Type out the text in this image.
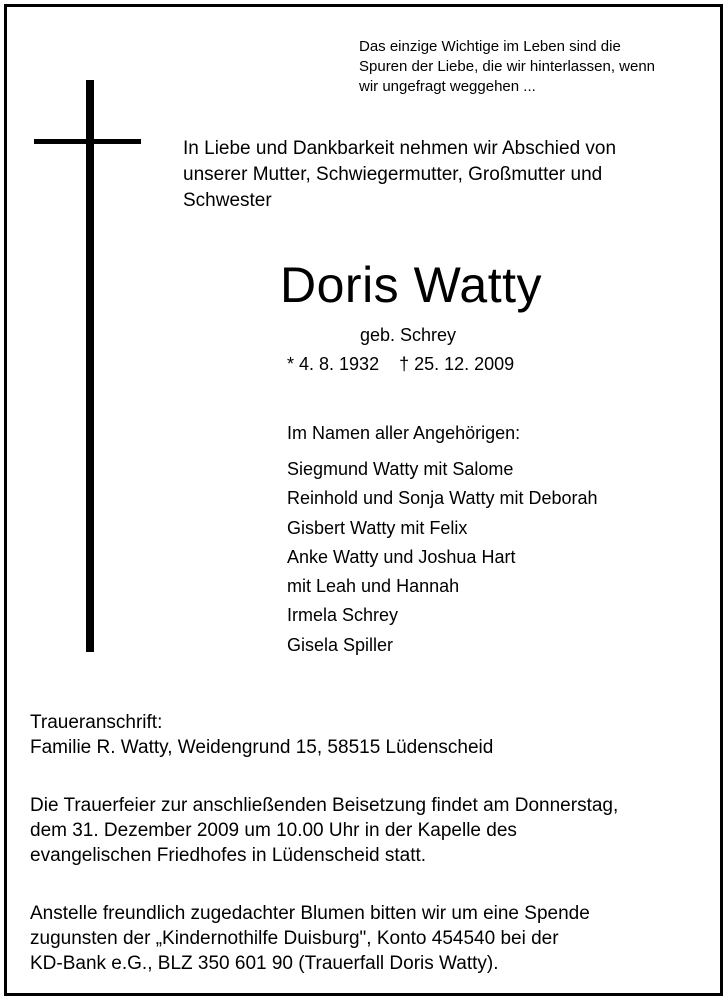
Das einzige Wichtige im Leben sind die
Spuren der Liebe, die wir hinterlassen, wenn
wir ungefragt weggehen ...
In Liebe und Dankbarkeit nehmen wir Abschied von
unserer Mutter, Schwiegermutter, Großmutter und
Schwester
Doris Watty
geb. Schrey
* 4. 8. 1932 † 25. 12. 2009
Im Namen aller Angehörigen:
Siegmund Watty mit Salome
Reinhold und Sonja Watty mit Deborah
Gisbert Watty mit Felix
Anke Watty und Joshua Hart
mit Leah und Hannah
Irmela Schrey
Gisela Spiller
Traueranschrift:
Familie R. Watty, Weidengrund 15, 58515 Lüdenscheid
Die Trauerfeier zur anschließenden Beisetzung findet am Donnerstag,
dem 31. Dezember 2009 um 10.00 Uhr in der Kapelle des
evangelischen Friedhofes in Lüdenscheid statt.
Anstelle freundlich zugedachter Blumen bitten wir um eine Spende
zugunsten der „Kindernothilfe Duisburg", Konto 454540 bei der
KD-Bank e.G., BLZ 350 601 90 (Trauerfall Doris Watty).
